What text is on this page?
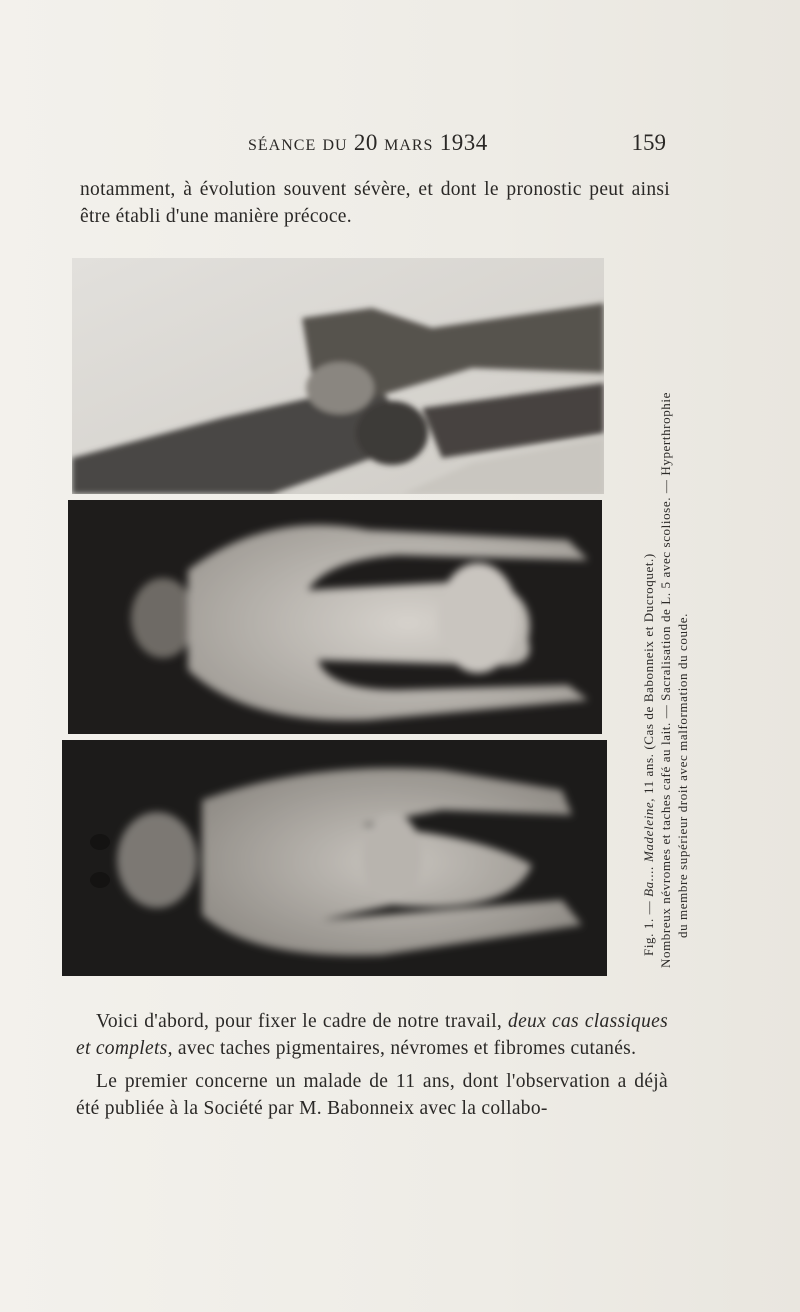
SÉANCE DU 20 MARS 1934	159
notamment, à évolution souvent sévère, et dont le pronostic peut ainsi être établi d'une manière précoce.

Fig. 1. — Ba.... Madeleine, 11 ans. (Cas de Babonneix et Ducroquet.) Nombreux névromes et taches café au lait. — Sacralisation de L. 5 avec scoliose. — Hyperthrophie du membre supérieur droit avec malformation du coude.

Voici d'abord, pour fixer le cadre de notre travail, deux cas classiques et complets, avec taches pigmentaires, névromes et fibromes cutanés.

Le premier concerne un malade de 11 ans, dont l'observation a déjà été publiée à la Société par M. Babonneix avec la collabo-
